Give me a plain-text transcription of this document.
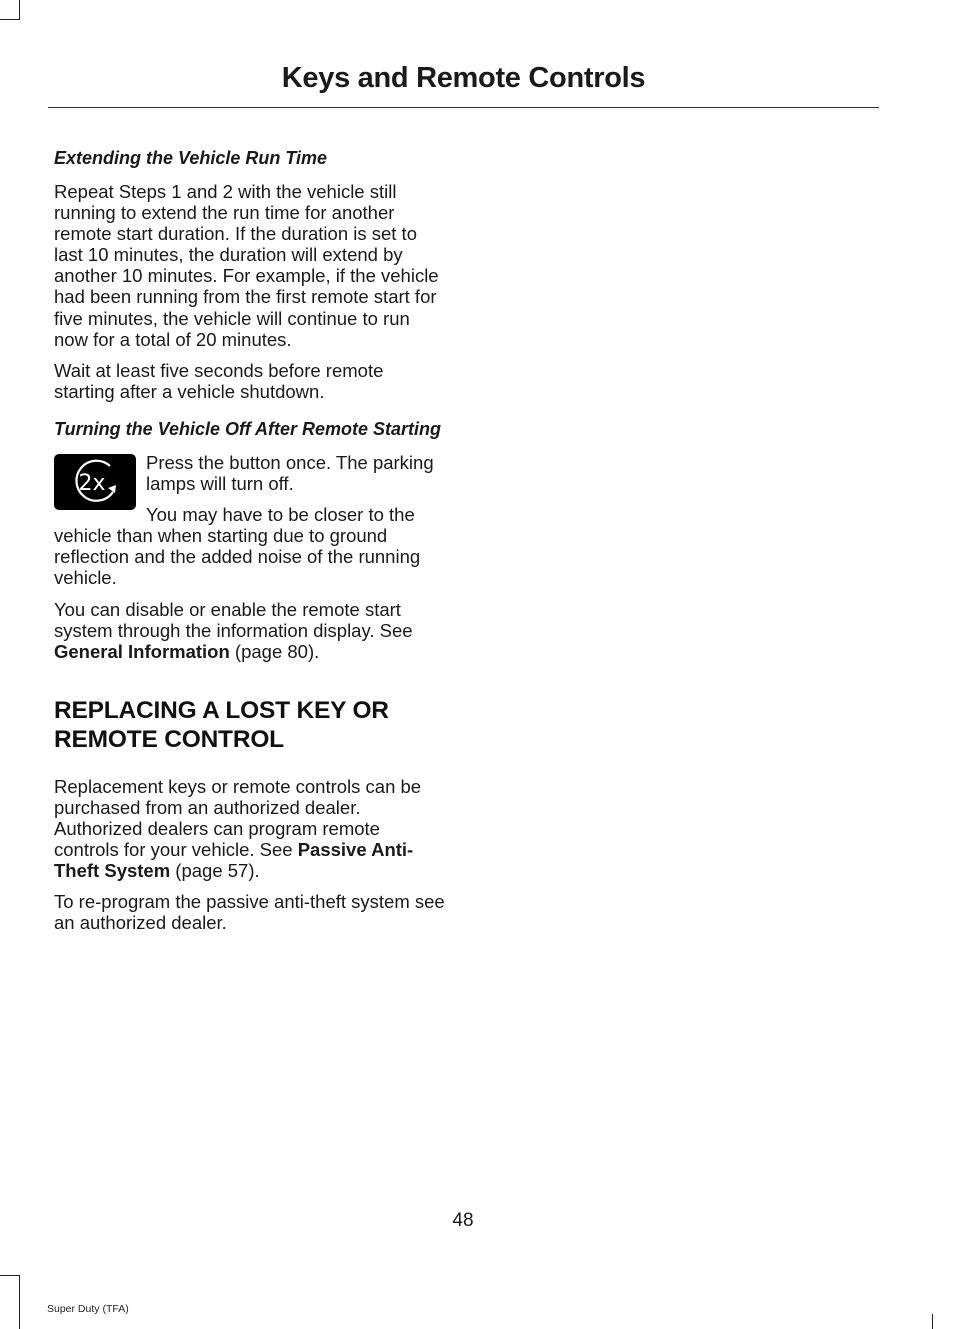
Keys and Remote Controls
Extending the Vehicle Run Time

Repeat Steps 1 and 2 with the vehicle still running to extend the run time for another remote start duration. If the duration is set to last 10 minutes, the duration will extend by another 10 minutes. For example, if the vehicle had been running from the first remote start for five minutes, the vehicle will continue to run now for a total of 20 minutes.

Wait at least five seconds before remote starting after a vehicle shutdown.

Turning the Vehicle Off After Remote Starting
2x

Press the button once. The parking lamps will turn off.

You may have to be closer to the vehicle than when starting due to ground reflection and the added noise of the running vehicle.

You can disable or enable the remote start system through the information display. See General Information (page 80).

REPLACING A LOST KEY OR REMOTE CONTROL

Replacement keys or remote controls can be purchased from an authorized dealer. Authorized dealers can program remote controls for your vehicle. See Passive Anti-Theft System (page 57).

To re-program the passive anti-theft system see an authorized dealer.

48

Super Duty (TFA)
